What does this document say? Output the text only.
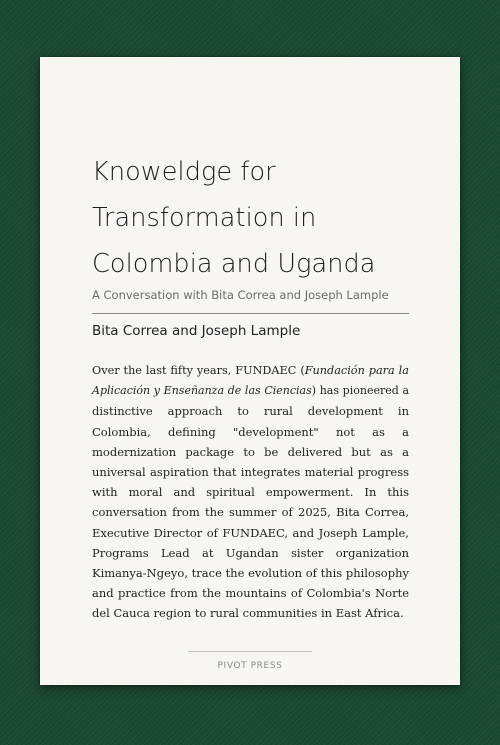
Knoweldge for
Transformation in
Colombia and Uganda
A Conversation with Bita Correa and Joseph Lample
Bita Correa and Joseph Lample
Over the last fifty years, FUNDAEC (Fundación para la
Aplicación y Enseñanza de las Ciencias) has pioneered a
distinctive approach to rural development in
Colombia, defining "development" not as a
modernization package to be delivered but as a
universal aspiration that integrates material progress
with moral and spiritual empowerment. In this
conversation from the summer of 2025, Bita Correa,
Executive Director of FUNDAEC, and Joseph Lample,
Programs Lead at Ugandan sister organization
Kimanya-Ngeyo, trace the evolution of this philosophy
and practice from the mountains of Colombia's Norte
del Cauca region to rural communities in East Africa.
PIVOT PRESS
